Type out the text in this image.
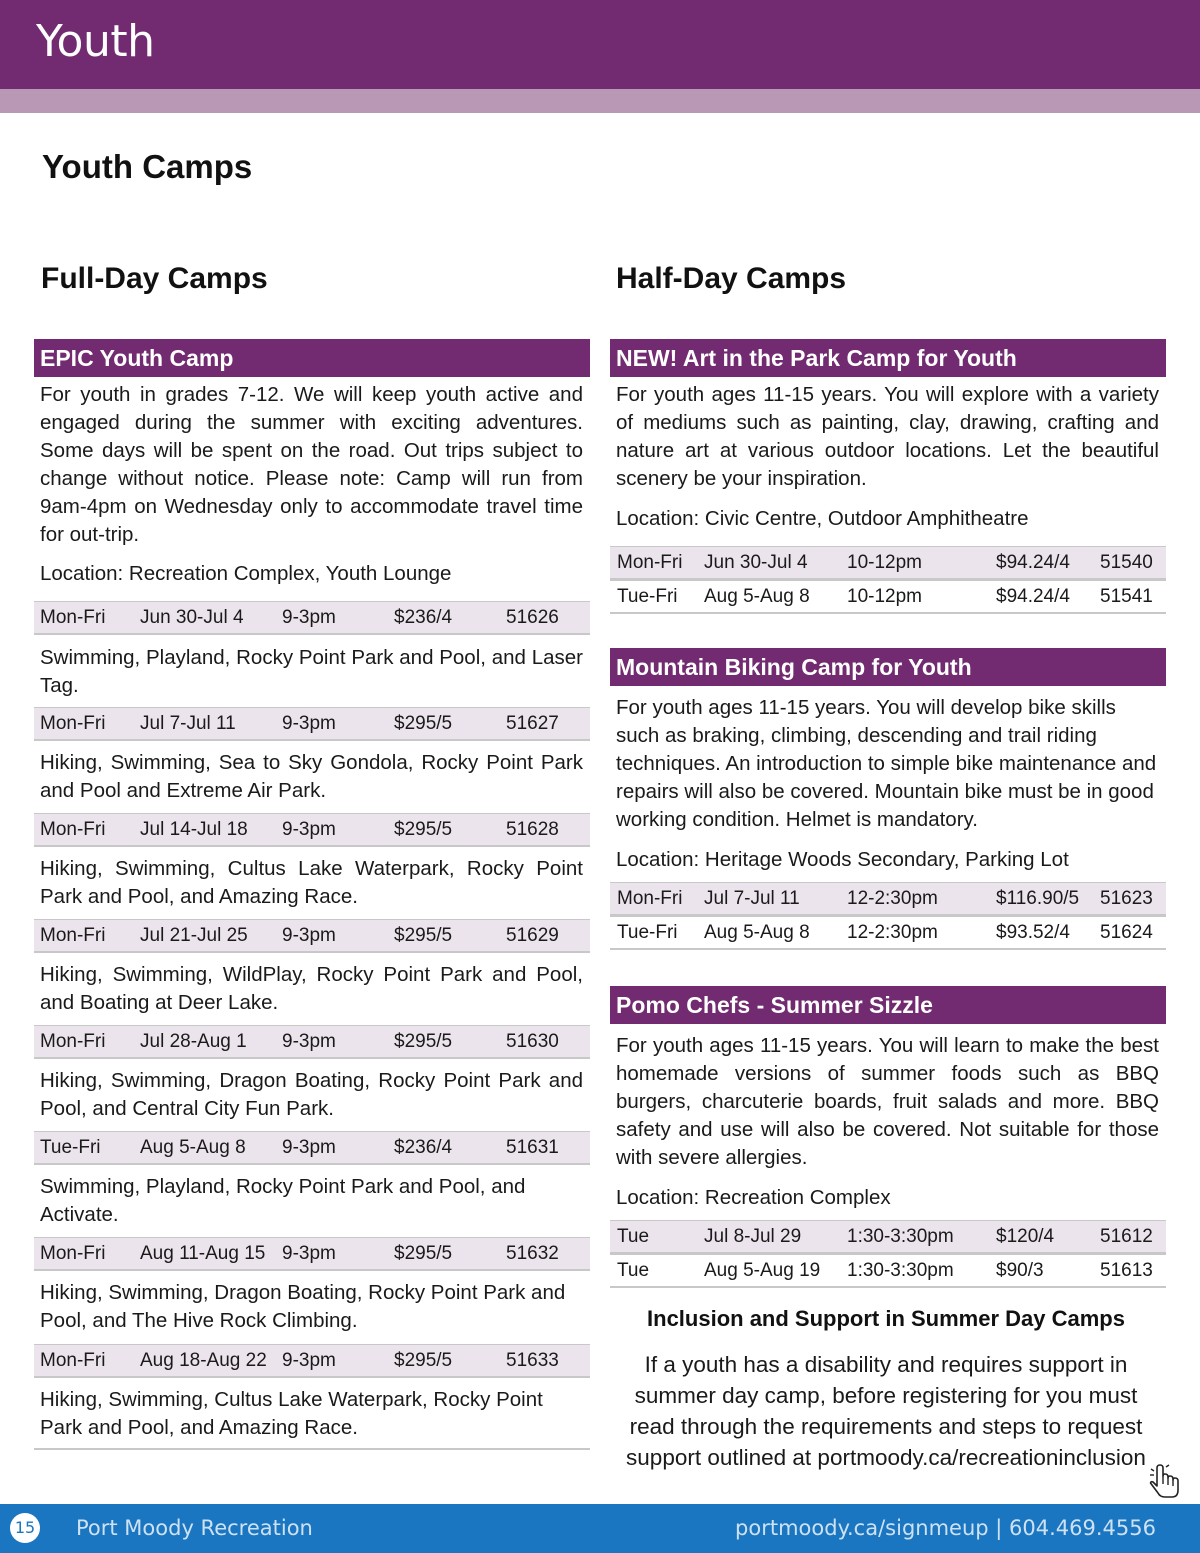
Youth
Youth Camps
Full-Day Camps
EPIC Youth Camp

For youth in grades 7-12. We will keep youth active and engaged during the summer with exciting adventures. Some days will be spent on the road. Out trips subject to change without notice. Please note: Camp will run from 9am-4pm on Wednesday only to accommodate travel time for out-trip.

Location: Recreation Complex, Youth Lounge

Mon-Fri Jun 30-Jul 4 9-3pm	$236/4	51626

Swimming, Playland, Rocky Point Park and Pool, and Laser Tag.

Mon-Fri Jul 7-Jul 11 9-3pm	$295/5	51627

Hiking, Swimming, Sea to Sky Gondola, Rocky Point Park and Pool and Extreme Air Park.

Mon-Fri Jul 14-Jul 18 9-3pm	$295/5	51628

Hiking, Swimming, Cultus Lake Waterpark, Rocky Point Park and Pool, and Amazing Race.

Mon-Fri Jul 21-Jul 25 9-3pm	$295/5	51629

Hiking, Swimming, WildPlay, Rocky Point Park and Pool, and Boating at Deer Lake.

Mon-Fri Jul 28-Aug 1 9-3pm	$295/5	51630

Hiking, Swimming, Dragon Boating, Rocky Point Park and Pool, and Central City Fun Park.

Tue-Fri Aug 5-Aug 8 9-3pm	$236/4	51631

Swimming, Playland, Rocky Point Park and Pool, and Activate.

Mon-Fri Aug 11-Aug 15 9-3pm	$295/5	51632

Hiking, Swimming, Dragon Boating, Rocky Point Park and Pool, and The Hive Rock Climbing.

Mon-Fri Aug 18-Aug 22 9-3pm	$295/5	51633

Hiking, Swimming, Cultus Lake Waterpark, Rocky Point Park and Pool, and Amazing Race.

Half-Day Camps
NEW! Art in the Park Camp for Youth

For youth ages 11-15 years. You will explore with a variety of mediums such as painting, clay, drawing, crafting and nature art at various outdoor locations. Let the beautiful scenery be your inspiration.

Location: Civic Centre, Outdoor Amphitheatre

Mon-Fri Jun 30-Jul 4 10-12pm	$94.24/4 51540
Tue-Fri Aug 5-Aug 8 10-12pm	$94.24/4 51541
Mountain Biking Camp for Youth

For youth ages 11-15 years. You will develop bike skills such as braking, climbing, descending and trail riding techniques. An introduction to simple bike maintenance and repairs will also be covered. Mountain bike must be in good working condition. Helmet is mandatory.

Location: Heritage Woods Secondary, Parking Lot

Mon-Fri Jul 7-Jul 11 12-2:30pm	$116.90/5 51623
Tue-Fri Aug 5-Aug 8 12-2:30pm	$93.52/4 51624
Pomo Chefs - Summer Sizzle

For youth ages 11-15 years. You will learn to make the best homemade versions of summer foods such as BBQ burgers, charcuterie boards, fruit salads and more. BBQ safety and use will also be covered. Not suitable for those with severe allergies.

Location: Recreation Complex

Tue	Jul 8-Jul 29 1:30-3:30pm $120/4 51612
Tue	Aug 5-Aug 19 1:30-3:30pm $90/3	51613
Inclusion and Support in Summer Day Camps

If a youth has a disability and requires support in summer day camp, before registering for you must read through the requirements and steps to request support outlined at portmoody.ca/recreationinclusion

15 Port Moody Recreation	portmoody.ca/signmeup | 604.469.4556
